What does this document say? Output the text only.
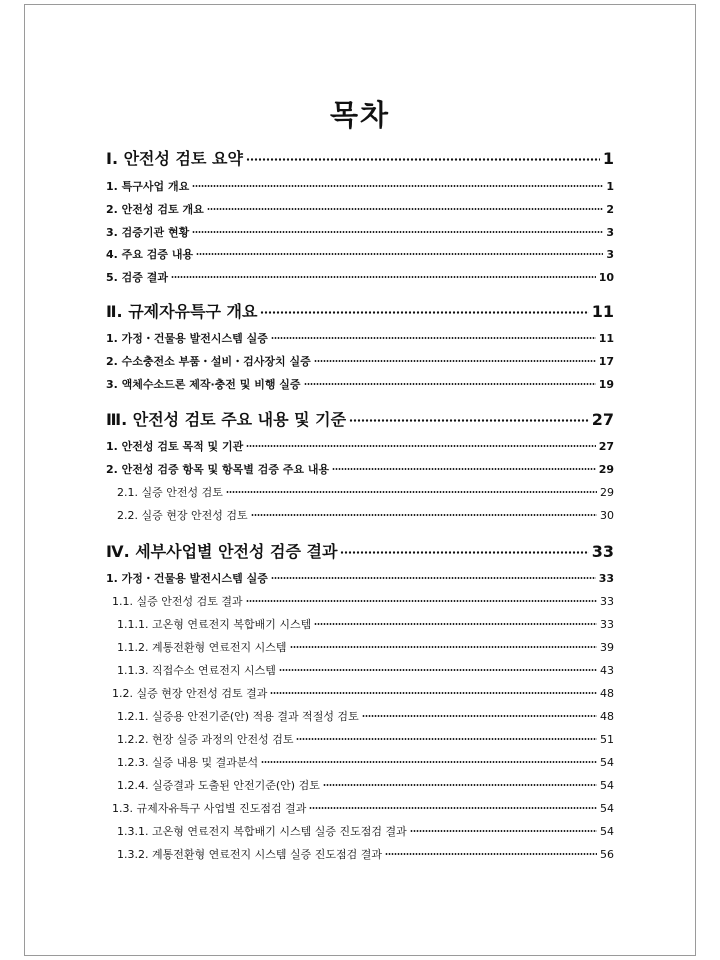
목차
Ⅰ. 안전성 검토 요약	1
1. 특구사업 개요	1
2. 안전성 검토 개요	2
3. 검증기관 현황	3
4. 주요 검증 내용	3
5. 검증 결과	10
Ⅱ. 규제자유특구 개요	11
1. 가정・건물용 발전시스템 실증	11
2. 수소충전소 부품・설비・검사장치 실증	17
3. 액체수소드론 제작·충전 및 비행 실증	19
Ⅲ. 안전성 검토 주요 내용 및 기준	27
1. 안전성 검토 목적 및 기관	27
2. 안전성 검증 항목 및 항목별 검증 주요 내용	29
2.1. 실증 안전성 검토	29
2.2. 실증 현장 안전성 검토	30
Ⅳ. 세부사업별 안전성 검증 결과	33
1. 가정・건물용 발전시스템 실증	33
1.1. 실증 안전성 검토 결과	33
1.1.1. 고온형 연료전지 복합배기 시스템	33
1.1.2. 계통전환형 연료전지 시스템	39
1.1.3. 직접수소 연료전지 시스템	43
1.2. 실증 현장 안전성 검토 결과	48
1.2.1. 실증용 안전기준(안) 적용 결과 적절성 검토	48
1.2.2. 현장 실증 과정의 안전성 검토	51
1.2.3. 실증 내용 및 결과분석	54
1.2.4. 실증결과 도출된 안전기준(안) 검토	54
1.3. 규제자유특구 사업별 진도점검 결과	54
1.3.1. 고온형 연료전지 복합배기 시스템 실증 진도점검 결과	54
1.3.2. 계통전환형 연료전지 시스템 실증 진도점검 결과	56
